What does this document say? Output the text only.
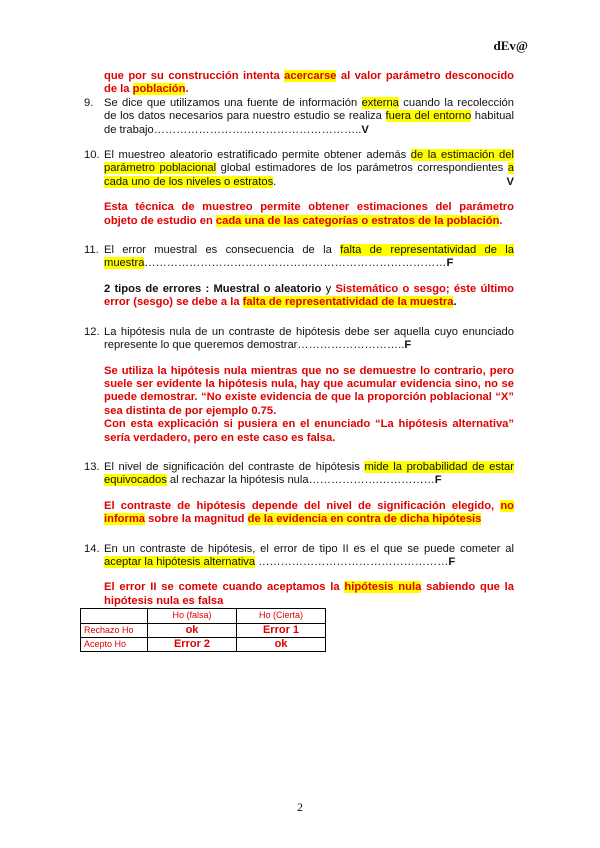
dEv@
que por su construcción intenta acercarse al valor parámetro desconocido de la población.
9. Se dice que utilizamos una fuente de información externa cuando la recolección de los datos necesarios para nuestro estudio se realiza fuera del entorno habitual de trabajo………………………………………………..V
10. El muestreo aleatorio estratificado permite obtener además de la estimación del parámetro poblacional global estimadores de los parámetros correspondientes a cada uno de los niveles o estratos.	V
Esta técnica de muestreo permite obtener estimaciones del parámetro objeto de estudio en cada una de las categorías o estratos de la población.
11. El error muestral es consecuencia de la falta de representatividad de la muestra………………………………………………………………………F
2 tipos de errores : Muestral o aleatorio y Sistemático o sesgo; éste último error (sesgo) se debe a la falta de representatividad de la muestra.
12. La hipótesis nula de un contraste de hipótesis debe ser aquella cuyo enunciado represente lo que queremos demostrar………………………..F
Se utiliza la hipótesis nula mientras que no se demuestre lo contrario, pero suele ser evidente la hipótesis nula, hay que acumular evidencia sino, no se puede demostrar. “No existe evidencia de que la proporción poblacional “X” sea distinta de por ejemplo 0.75.
Con esta explicación si pusiera en el enunciado “La hipótesis alternativa” sería verdadero, pero en este caso es falsa.
13. El nivel de significación del contraste de hipótesis mide la probabilidad de estar equivocados al rechazar la hipótesis nula……………….……………F
El contraste de hipótesis depende del nivel de significación elegido, no informa sobre la magnitud de la evidencia en contra de dicha hipótesis
14. En un contraste de hipótesis, el error de tipo II es el que se puede cometer al aceptar la hipótesis alternativa ……………………………………………F
El error II se comete cuando aceptamos la hipótesis nula sabiendo que la hipótesis nula es falsa
	Ho (falsa)	Ho (Cierta)
Rechazo Ho	ok	Error 1
Acepto Ho	Error 2	ok
2
